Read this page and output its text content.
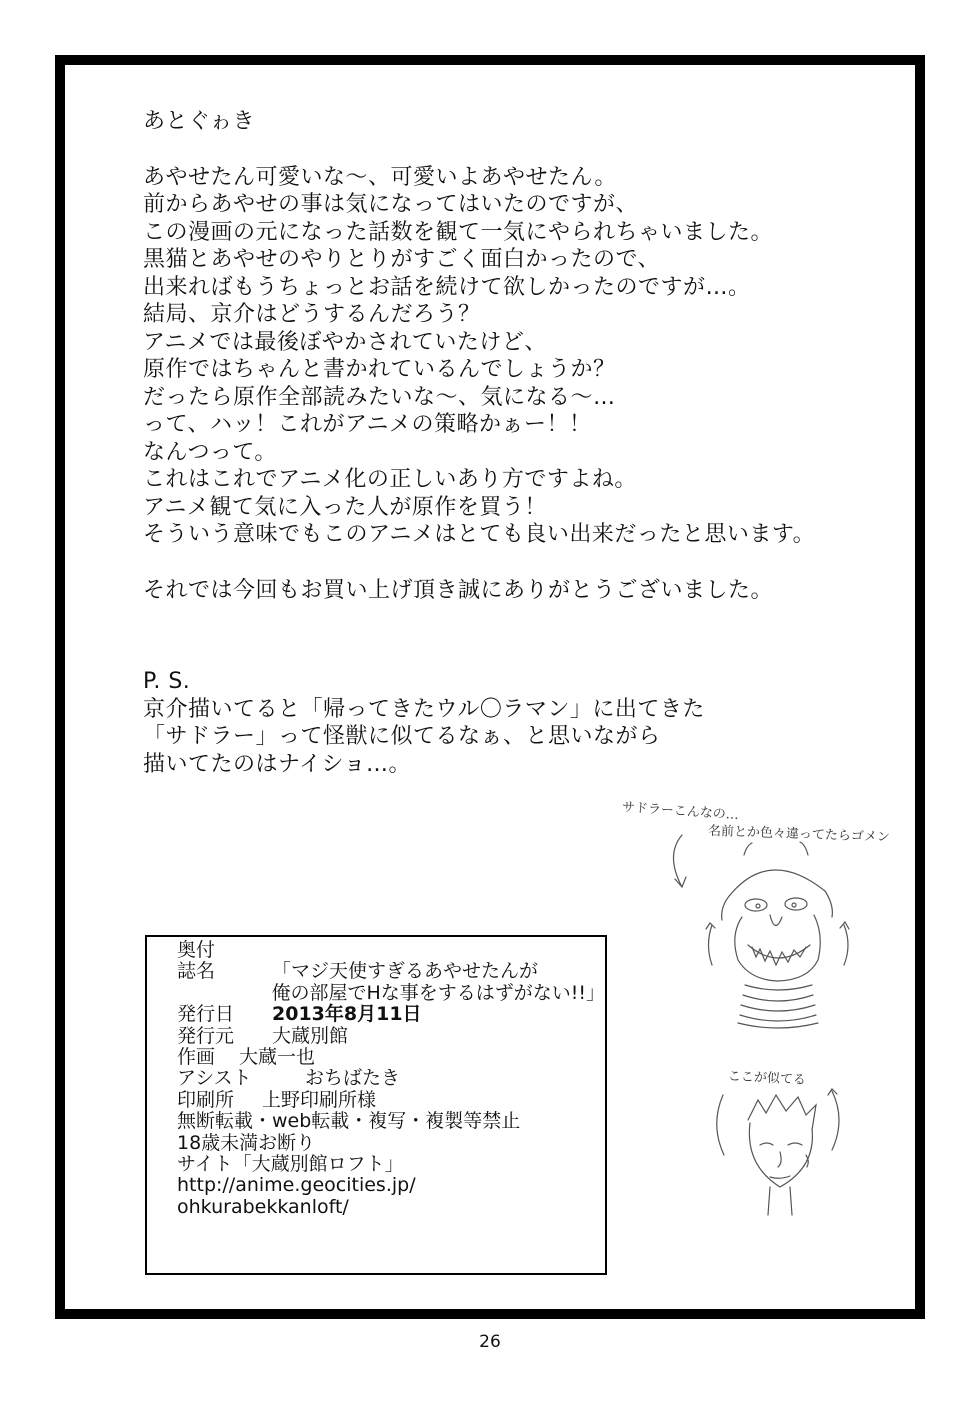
あとぐゎき
あやせたん可愛いな〜、可愛いよあやせたん。
前からあやせの事は気になってはいたのですが、
この漫画の元になった話数を観て一気にやられちゃいました。
黒猫とあやせのやりとりがすごく面白かったので、
出来ればもうちょっとお話を続けて欲しかったのですが…。
結局、京介はどうするんだろう？
アニメでは最後ぼやかされていたけど、
原作ではちゃんと書かれているんでしょうか？
だったら原作全部読みたいな〜、気になる〜…
って、ハッ！これがアニメの策略かぁー！！
なんつって。
これはこれでアニメ化の正しいあり方ですよね。
アニメ観て気に入った人が原作を買う！
そういう意味でもこのアニメはとても良い出来だったと思います。
それでは今回もお買い上げ頂き誠にありがとうございました。
P. S.
京介描いてると「帰ってきたウル〇ラマン」に出てきた
「サドラー」って怪獣に似てるなぁ、と思いながら
描いてたのはナイショ…。
サドラーこんなの…
名前とか色々違ってたらゴメン
ここが似てる
奥付
誌名	「マジ天使すぎるあやせたんが
俺の部屋でHな事をするはずがない!!」
発行日	2013年8月11日
発行元	大蔵別館
作画	大蔵一也
アシスト	おちばたき
印刷所	上野印刷所様
無断転載・web転載・複写・複製等禁止
18歳未満お断り
サイト「大蔵別館ロフト」
http://anime.geocities.jp/
ohkurabekkanloft/
26
